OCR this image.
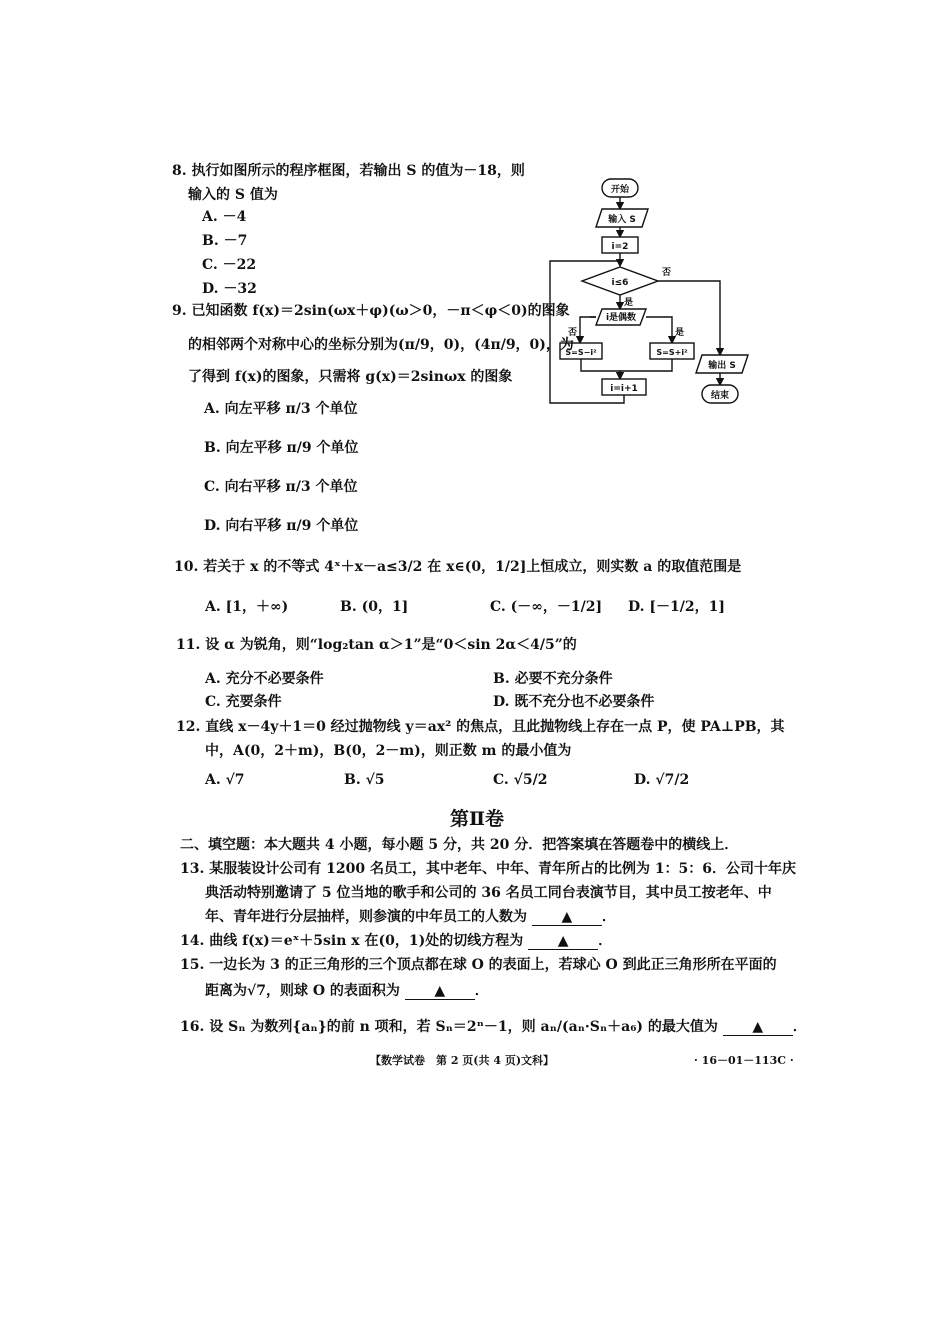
8. 执行如图所示的程序框图，若输出 S 的值为－18，则
输入的 S 值为
A. －4
B. －7
C. －22
D. －32
开始
输入 S
i=2
i≤6
否
是
i是偶数
否	是
S=S−i²	S=S+i²
i=i+1
输出 S
结束
9. 已知函数 f(x)＝2sin(ωx＋φ)(ω＞0，－π＜φ＜0)的图象
的相邻两个对称中心的坐标分别为(π/9，0)，(4π/9，0)，为
了得到 f(x)的图象，只需将 g(x)＝2sinωx 的图象
A. 向左平移 π/3 个单位
B. 向左平移 π/9 个单位
C. 向右平移 π/3 个单位
D. 向右平移 π/9 个单位
10. 若关于 x 的不等式 4ˣ＋x－a≤3/2 在 x∈(0，1/2]上恒成立，则实数 a 的取值范围是
A. [1，＋∞)	B. (0，1]	C. (－∞，－1/2] D. [－1/2，1]
11. 设 α 为锐角，则“log₂tan α＞1”是“0＜sin 2α＜4/5”的
A. 充分不必要条件	B. 必要不充分条件
C. 充要条件	D. 既不充分也不必要条件
12. 直线 x－4y＋1＝0 经过抛物线 y＝ax² 的焦点，且此抛物线上存在一点 P，使 PA⊥PB，其
中，A(0，2＋m)，B(0，2－m)，则正数 m 的最小值为
A. √7	B. √5	C. √5/2	D. √7/2
第Ⅱ卷
二、填空题：本大题共 4 小题，每小题 5 分，共 20 分．把答案填在答题卷中的横线上．
13. 某服装设计公司有 1200 名员工，其中老年、中年、青年所占的比例为 1：5：6．公司十年庆
典活动特别邀请了 5 位当地的歌手和公司的 36 名员工同台表演节目，其中员工按老年、中
年、青年进行分层抽样，则参演的中年员工的人数为 ▲ ．
14. 曲线 f(x)＝eˣ＋5sin x 在(0，1)处的切线方程为 ▲ ．
15. 一边长为 3 的正三角形的三个顶点都在球 O 的表面上，若球心 O 到此正三角形所在平面的
距离为√7，则球 O 的表面积为 ▲ ．
16. 设 Sₙ 为数列{aₙ}的前 n 项和，若 Sₙ＝2ⁿ－1，则 aₙ/(aₙ·Sₙ＋a₆) 的最大值为 ▲ ．
【数学试卷　第 2 页(共 4 页)文科】	· 16－01－113C ·
